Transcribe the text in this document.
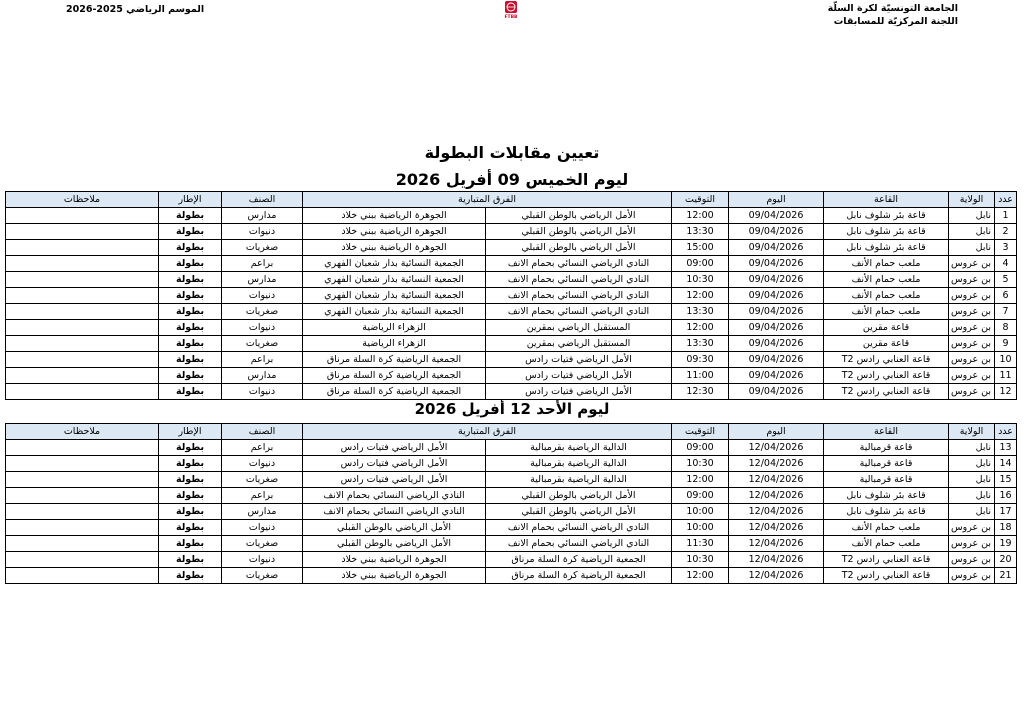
الجامعة التونسيّة لكرة السلّة
اللجنة المركزيّة للمسابقات
FTBB
الموسم الرياضي 2025-2026
تعيين مقابلات البطولة
ليوم الخميس 09 أفريل 2026
عدد	الولاية	القاعة	اليوم	التوقيت	الفرق المتبارية		الصنف	الإطار	ملاحظات
1	نابل	قاعة بئر شلوف نابل	09/04/2026	12:00	الأمل الرياضي بالوطن القبلي	الجوهرة الرياضية ببني خلاد	مدارس	بطولة	
2	نابل	قاعة بئر شلوف نابل	09/04/2026	13:30	الأمل الرياضي بالوطن القبلي	الجوهرة الرياضية ببني خلاد	دنيوات	بطولة	
3	نابل	قاعة بئر شلوف نابل	09/04/2026	15:00	الأمل الرياضي بالوطن القبلي	الجوهرة الرياضية ببني خلاد	صغريات	بطولة	
4	بن عروس	ملعب حمام الأنف	09/04/2026	09:00	النادي الرياضي النسائي بحمام الانف	الجمعية النسائية بدار شعبان الفهري	براعم	بطولة	
5	بن عروس	ملعب حمام الأنف	09/04/2026	10:30	النادي الرياضي النسائي بحمام الانف	الجمعية النسائية بدار شعبان الفهري	مدارس	بطولة	
6	بن عروس	ملعب حمام الأنف	09/04/2026	12:00	النادي الرياضي النسائي بحمام الانف	الجمعية النسائية بدار شعبان الفهري	دنيوات	بطولة	
7	بن عروس	ملعب حمام الأنف	09/04/2026	13:30	النادي الرياضي النسائي بحمام الانف	الجمعية النسائية بدار شعبان الفهري	صغريات	بطولة	
8	بن عروس	قاعة مقرين	09/04/2026	12:00	المستقبل الرياضي بمقرين	الزهراء الرياضية	دنيوات	بطولة	
9	بن عروس	قاعة مقرين	09/04/2026	13:30	المستقبل الرياضي بمقرين	الزهراء الرياضية	صغريات	بطولة	
10	بن عروس	قاعة العنابي رادس T2	09/04/2026	09:30	الأمل الرياضي فتيات رادس	الجمعية الرياضية كرة السلة مرناق	براعم	بطولة	
11	بن عروس	قاعة العنابي رادس T2	09/04/2026	11:00	الأمل الرياضي فتيات رادس	الجمعية الرياضية كرة السلة مرناق	مدارس	بطولة	
12	بن عروس	قاعة العنابي رادس T2	09/04/2026	12:30	الأمل الرياضي فتيات رادس	الجمعية الرياضية كرة السلة مرناق	دنيوات	بطولة	
ليوم الأحد 12 أفريل 2026
عدد	الولاية	القاعة	اليوم	التوقيت	الفرق المتبارية		الصنف	الإطار	ملاحظات
13	نابل	قاعة قرمبالية	12/04/2026	09:00	الدالية الرياضية بقرمبالية	الأمل الرياضي فتيات رادس	براعم	بطولة	
14	نابل	قاعة قرمبالية	12/04/2026	10:30	الدالية الرياضية بقرمبالية	الأمل الرياضي فتيات رادس	دنيوات	بطولة	
15	نابل	قاعة قرمبالية	12/04/2026	12:00	الدالية الرياضية بقرمبالية	الأمل الرياضي فتيات رادس	صغريات	بطولة	
16	نابل	قاعة بئر شلوف نابل	12/04/2026	09:00	الأمل الرياضي بالوطن القبلي	النادي الرياضي النسائي بحمام الانف	براعم	بطولة	
17	نابل	قاعة بئر شلوف نابل	12/04/2026	10:00	الأمل الرياضي بالوطن القبلي	النادي الرياضي النسائي بحمام الانف	مدارس	بطولة	
18	بن عروس	ملعب حمام الأنف	12/04/2026	10:00	النادي الرياضي النسائي بحمام الانف	الأمل الرياضي بالوطن القبلي	دنيوات	بطولة	
19	بن عروس	ملعب حمام الأنف	12/04/2026	11:30	النادي الرياضي النسائي بحمام الانف	الأمل الرياضي بالوطن القبلي	صغريات	بطولة	
20	بن عروس	قاعة العنابي رادس T2	12/04/2026	10:30	الجمعية الرياضية كرة السلة مرناق	الجوهرة الرياضية ببني خلاد	دنيوات	بطولة	
21	بن عروس	قاعة العنابي رادس T2	12/04/2026	12:00	الجمعية الرياضية كرة السلة مرناق	الجوهرة الرياضية ببني خلاد	صغريات	بطولة	
